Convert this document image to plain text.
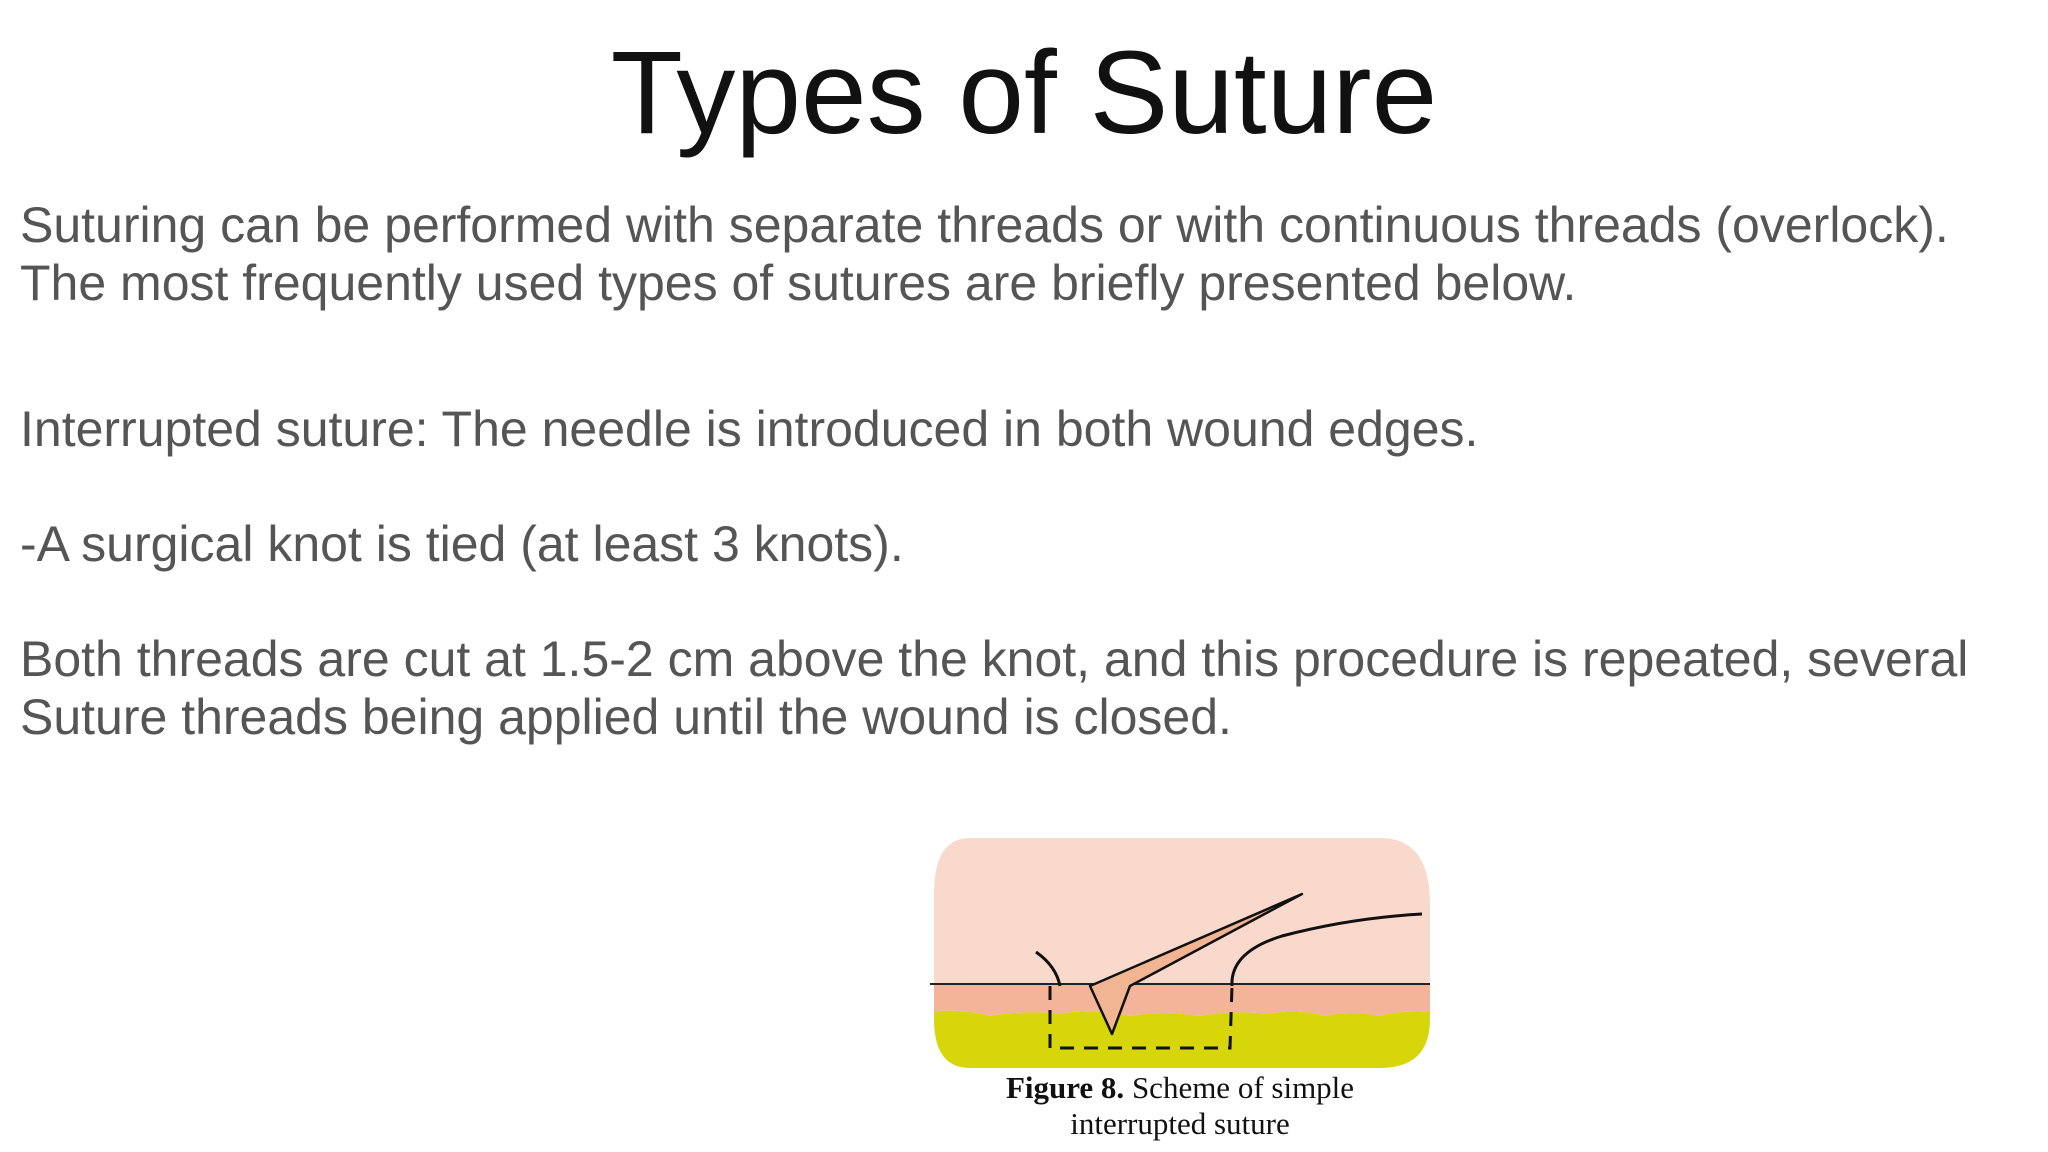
Types of Suture
Suturing can be performed with separate threads or with continuous threads (overlock).
The most frequently used types of sutures are briefly presented below.
Interrupted suture: The needle is introduced in both wound edges.
-A surgical knot is tied (at least 3 knots).
Both threads are cut at 1.5-2 cm above the knot, and this procedure is repeated, several
Suture threads being applied until the wound is closed.
Figure 8. Scheme of simple
interrupted suture
